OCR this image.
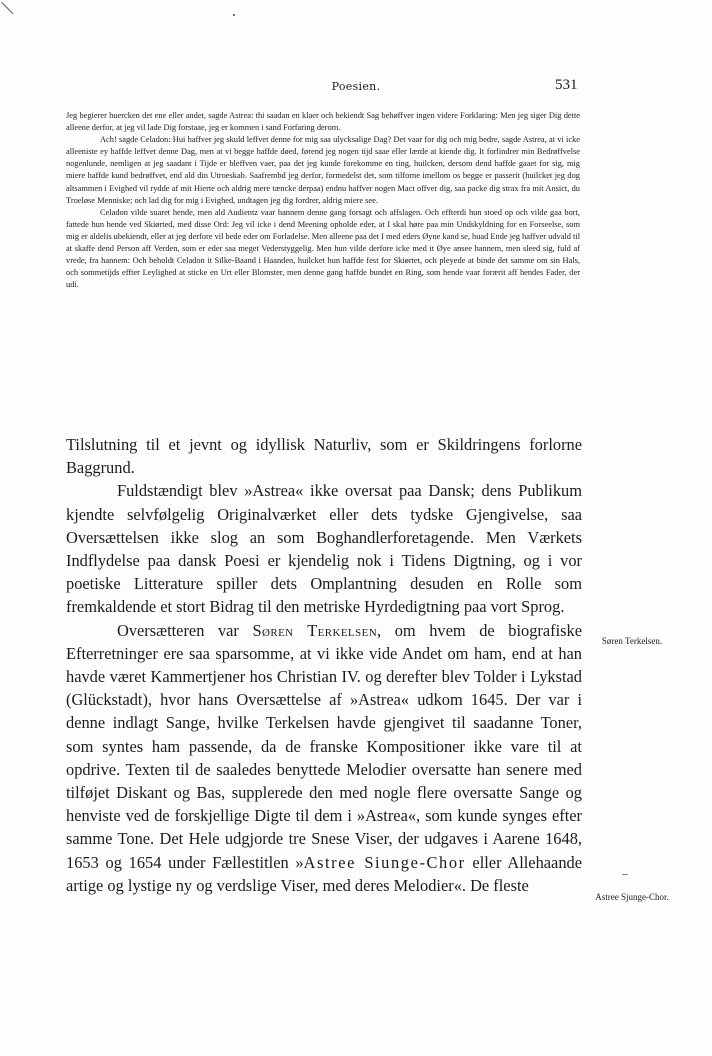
Poesien.	531

Jeg begierer huercken det ene eller andet, sagde Astrea: thi saadan en klaer och bekiendt Sag behøffver ingen videre Forklaring: Men jeg siger Dig dette alleene derfor, at jeg vil lade Dig forstaae, jeg er kommen i sand Forfaring derom.

Ach! sagde Celadon: Hui haffver jeg skuld leffvet denne for mig saa ulycksalige Dag? Det vaar for dig och mig bedre, sagde Astrea, at vi icke alleeniste ey haffde leffvet denne Dag, men at vi begge haffde døed, førend jeg nogen tijd saae eller lærde at kiende dig. It forlindrer min Bedrøffvelse nogenlunde, nemligen at jeg saadant i Tijde er bleffven vaer, paa det jeg kunde forekomme en ting, huilcken, dersom dend haffde gaaet for sig, mig miere haffde kund bedrøffvet, end ald din Utroeskab. Saafrembd jeg derfor, formedelst det, som tilforne imellom os begge er passerit (huilcket jeg dog altsammen i Evighed vil rydde af mit Hierte och aldrig mere tæncke derpaa) endnu haffver nogen Mact offver dig, saa packe dig strax fra mit Ansict, du Troeløse Menniske; och lad dig for mig i Evighed, undtagen jeg dig fordrer, aldrig miere see.

Celadon vilde suaret hende, men ald Audientz vaar hannem denne gang forsagt och affslagen. Och effterdi hun stoed op och vilde gaa bort, fattede hun hende ved Skiørted, med disse Ord: Jeg vil icke i dend Meening opholde eder, at I skal høre paa min Undskyldning for en Forseelse, som mig er aldelis ubekiendt, eller at jeg derfore vil bede eder om Forladelse. Men alleene paa det I med eders Øyne kand se, huad Ende jeg haffver udvald til at skaffe dend Person aff Verden, som er eder saa meget Vederstyggelig. Men hun vilde derfore icke med it Øye ansee hannem, men sleed sig, fuld af vrede, fra hannem: Och beholdt Celadon it Silke-Baand i Haanden, huilcket hun haffde fest for Skiørtet, och pleyede at binde det samme om sin Hals, och sommetijds effter Leylighed at sticke en Urt eller Blomster, men denne gang haffde bundet en Ring, som hende vaar forærit aff hendes Fader, der udi.

Tilslutning til et jevnt og idyllisk Naturliv, som er Skildringens forlorne Baggrund.

Fuldstændigt blev »Astrea« ikke oversat paa Dansk; dens Publikum kjendte selvfølgelig Originalværket eller dets tydske Gjengivelse, saa Oversættelsen ikke slog an som Boghandlerforetagende. Men Værkets Indflydelse paa dansk Poesi er kjendelig nok i Tidens Digtning, og i vor poetiske Litterature spiller dets Omplantning desuden en Rolle som fremkaldende et stort Bidrag til den metriske Hyrdedigtning paa vort Sprog.

Oversætteren var Søren Terkelsen, om hvem de biografiske Efterretninger ere saa sparsomme, at vi ikke vide Andet om ham, end at han havde været Kammertjener hos Christian IV. og derefter blev Tolder i Lykstad (Glückstadt), hvor hans Oversættelse af »Astrea« udkom 1645. Der var i denne indlagt Sange, hvilke Terkelsen havde gjengivet til saadanne Toner, som syntes ham passende, da de franske Kompositioner ikke vare til at opdrive. Texten til de saaledes benyttede Melodier oversatte han senere med tilføjet Diskant og Bas, supplerede den med nogle flere oversatte Sange og henviste ved de forskjellige Digte til dem i »Astrea«, som kunde synges efter samme Tone. Det Hele udgjorde tre Snese Viser, der udgaves i Aarene 1648, 1653 og 1654 under Fællestitlen »Astree Siunge-Chor eller Allehaande artige og lystige ny og verdslige Viser, med deres Melodier«. De fleste

Søren Terkelsen.
Astree Sjunge-Chor.
